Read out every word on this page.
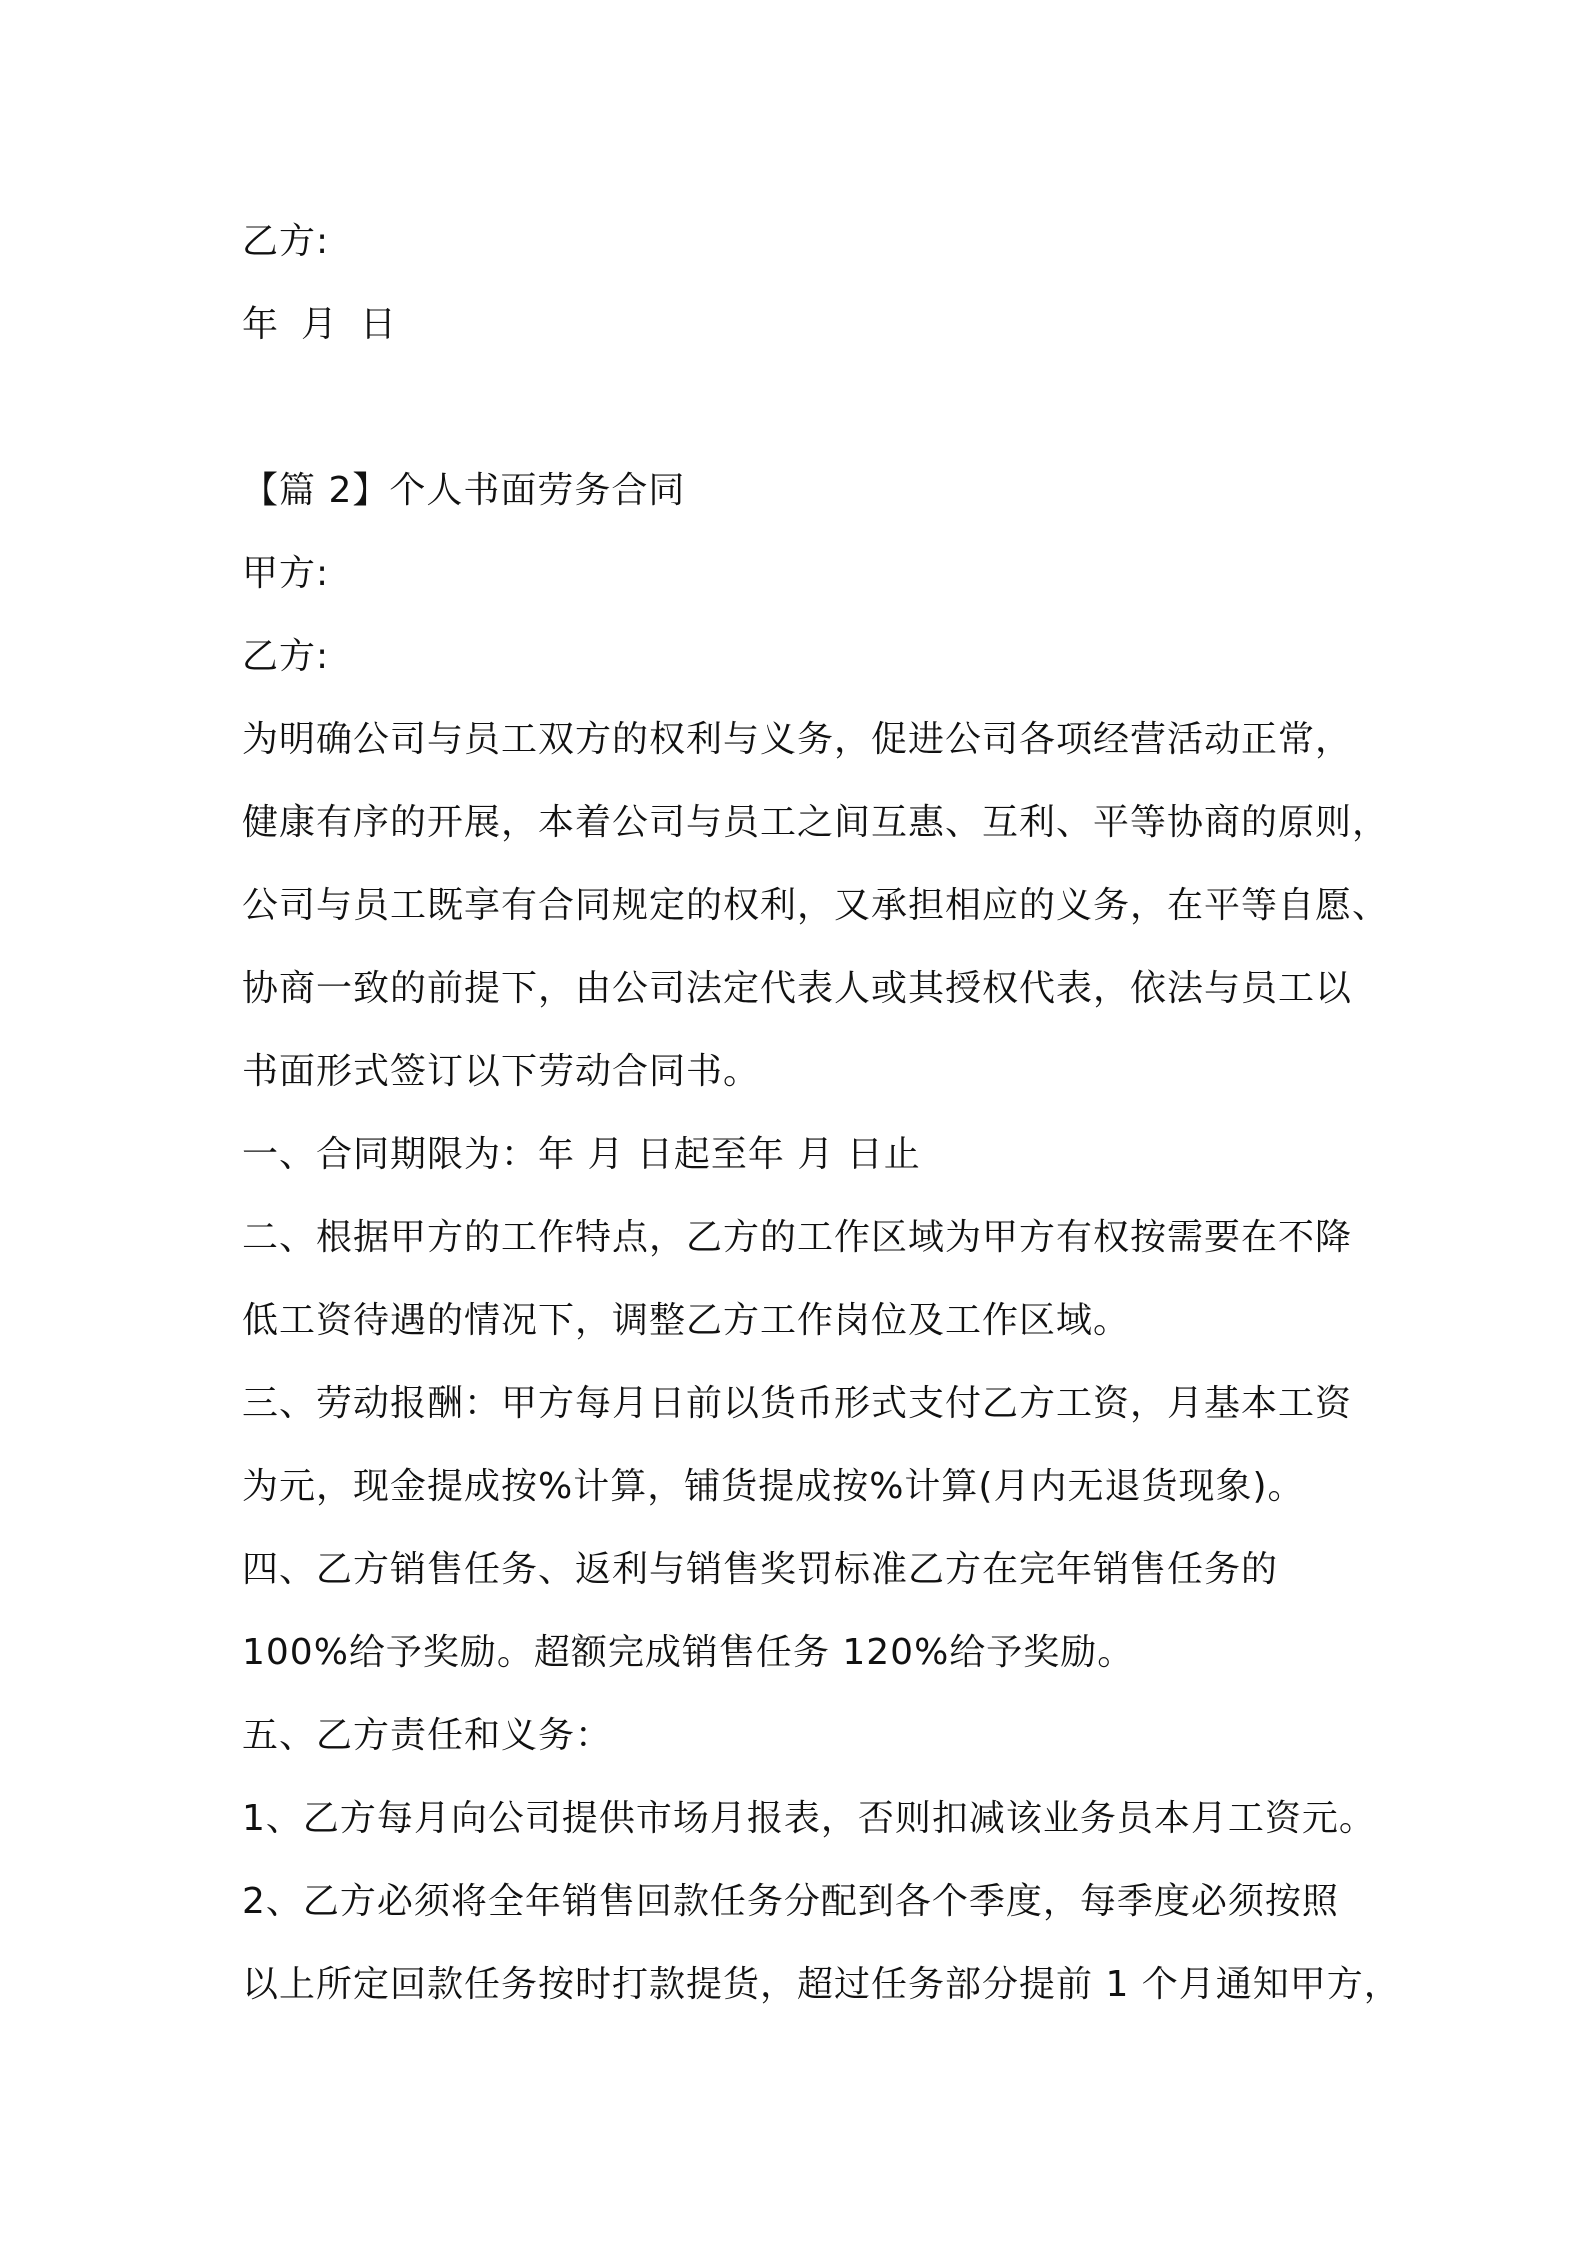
乙方:

年 月 日

【篇 2】个人书面劳务合同

甲方:

乙方:

为明确公司与员工双方的权利与义务，促进公司各项经营活动正常，

健康有序的开展，本着公司与员工之间互惠、互利、平等协商的原则，

公司与员工既享有合同规定的权利，又承担相应的义务，在平等自愿、

协商一致的前提下，由公司法定代表人或其授权代表，依法与员工以

书面形式签订以下劳动合同书。

一、合同期限为：年 月 日起至年 月 日止

二、根据甲方的工作特点，乙方的工作区域为甲方有权按需要在不降

低工资待遇的情况下，调整乙方工作岗位及工作区域。

三、劳动报酬：甲方每月日前以货币形式支付乙方工资，月基本工资

为元，现金提成按%计算，铺货提成按%计算(月内无退货现象)。

四、乙方销售任务、返利与销售奖罚标准乙方在完年销售任务的

100%给予奖励。超额完成销售任务 120%给予奖励。

五、乙方责任和义务：

1、乙方每月向公司提供市场月报表，否则扣减该业务员本月工资元。

2、乙方必须将全年销售回款任务分配到各个季度，每季度必须按照

以上所定回款任务按时打款提货，超过任务部分提前 1 个月通知甲方，
